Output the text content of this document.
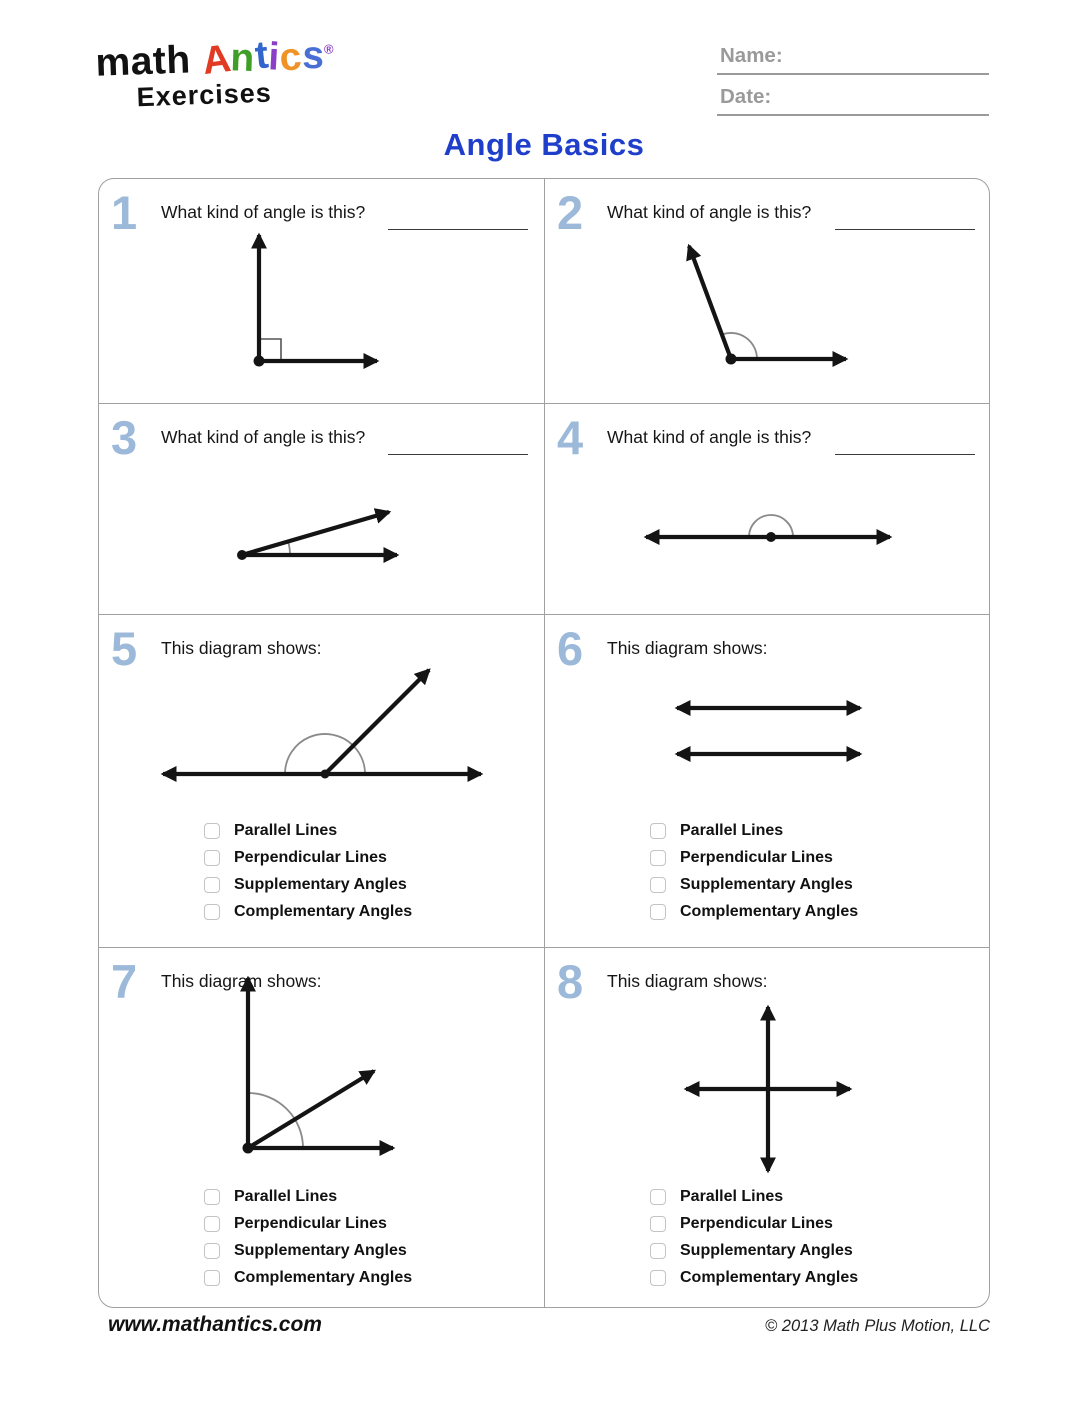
math Antics®
Exercises
Name:
Date:
Angle Basics
1	What kind of angle is this?	2	What kind of angle is this?
3	What kind of angle is this?	4	What kind of angle is this?
5	This diagram shows:
Parallel Lines
Perpendicular Lines
Supplementary Angles
Complementary Angles
6	This diagram shows:
Parallel Lines
Perpendicular Lines
Supplementary Angles
Complementary Angles
7	This diagram shows:
Parallel Lines
Perpendicular Lines
Supplementary Angles
Complementary Angles
8	This diagram shows:
Parallel Lines
Perpendicular Lines
Supplementary Angles
Complementary Angles
www.mathantics.com	© 2013 Math Plus Motion, LLC
